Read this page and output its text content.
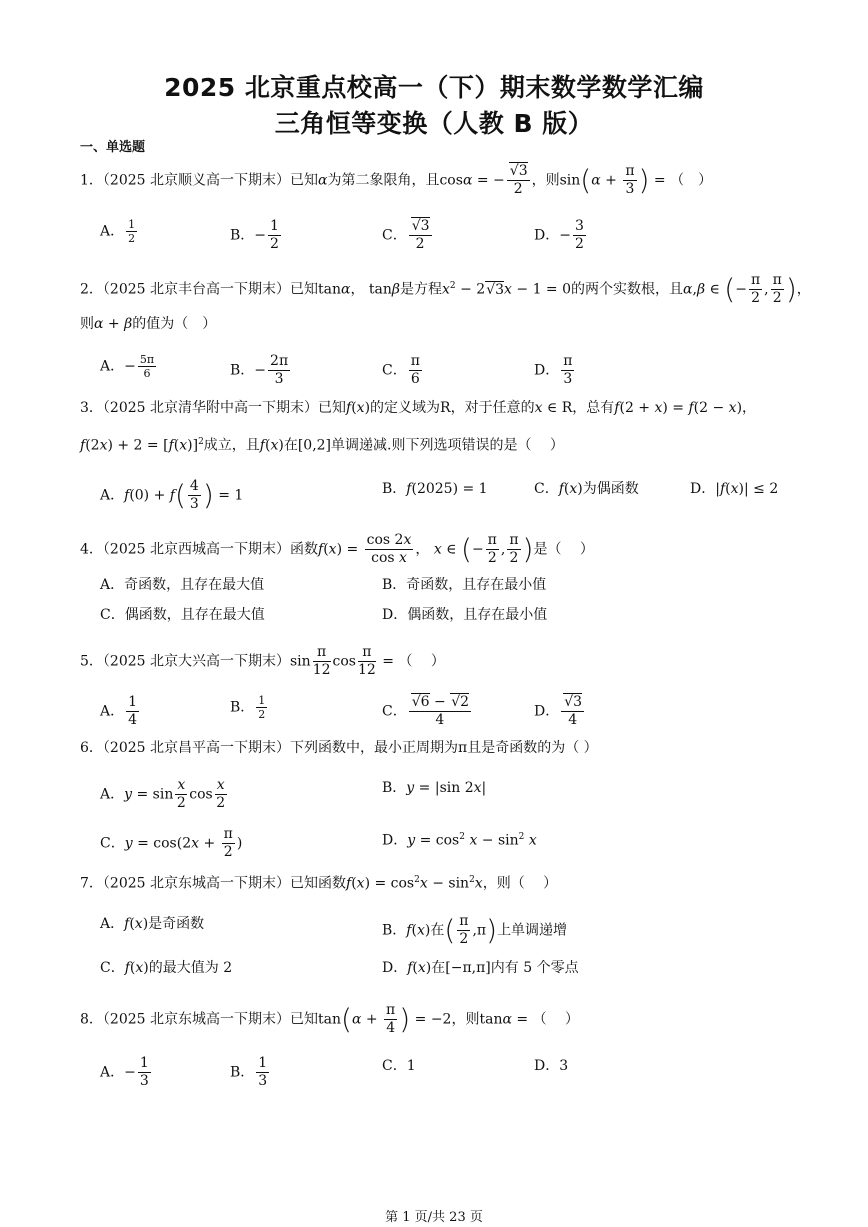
2025 北京重点校高一（下）期末数学数学汇编
三角恒等变换（人教 B 版）
一、单选题
1．（2025 北京顺义高一下期末）已知α为第二象限角，且cosα = − $\frac{√3}{2}$ ，则$\sin(\alpha + \frac{\pi}{3}$ ) = （　）
A． $\frac{1}{2}$	B．− $\frac{1}{2}$	C． $\frac{√3}{2}$	D．− $\frac{3}{2}$
2．（2025 北京丰台高一下期末）已知tanα， tanβ是方程$x^2 - 2√3x - 1 = 0$的两个实数根，且α,β ∈ (− $\frac{\pi}{2}$ , $\frac{\pi}{2}$ )，
则α + β的值为（　）
A．− $\frac{5\pi}{6}$	B．− $\frac{2\pi}{3}$	C． $\frac{\pi}{6}$	D． $\frac{\pi}{3}$
3．（2025 北京清华附中高一下期末）已知f(x)的定义域为R，对于任意的x ∈ R，总有f(2 + x) = f(2 − x)，
$f(2x) + 2 = [f(x)]^2$成立，且f(x)在[0,2]单调递减.则下列选项错误的是（　 ）
A．$f(0) + f( \frac{4}{3}$ ) = 1	B．f(2025) = 1	C．f(x)为偶函数	D．|f(x)| ≤ 2
4．（2025 北京西城高一下期末）函数$f(x) = \frac{\cos 2x}{\text{cos x}}$ ， x ∈ (− $\frac{\pi}{2}$ , $\frac{\pi}{2}$ )是（　 ）
A．奇函数，且存在最大值	B．奇函数，且存在最小值
C．偶函数，且存在最大值	D．偶函数，且存在最小值
5．（2025 北京大兴高一下期末）$\sin \frac{\pi}{12}$ $\cos \frac{\pi}{12}$ = （　 ）
A． $\frac{1}{4}$	B． $\frac{1}{2}$	C． $\frac{√6 - √2}{4}$	D． $\frac{√3}{4}$
6．（2025 北京昌平高一下期末）下列函数中，最小正周期为π且是奇函数的为（ ）
A．$y = \sin \frac{x}{2}$ $\cos \frac{x}{2}$	B．y = |sin 2x|
C．$y = \cos(2x + \frac{\pi}{2}$ )	D．$y = \cos^2 x - \sin^2 x$
7．（2025 北京东城高一下期末）已知函数$f(x) = \cos^2x - \sin^2x$，则（　 ）
A．f(x)是奇函数	B．f(x)在( $\frac{\pi}{2} ,\pi$)上单调递增
C．f(x)的最大值为 2	D．f(x)在[−π,π]内有 5 个零点
8．（2025 北京东城高一下期末）已知$\tan(\alpha + \frac{\pi}{4}$ ) = −2，则tanα = （　 ）
A．− $\frac{1}{3}$	B． $\frac{1}{3}$	C．1	D．3
第 1 页/共 23 页
